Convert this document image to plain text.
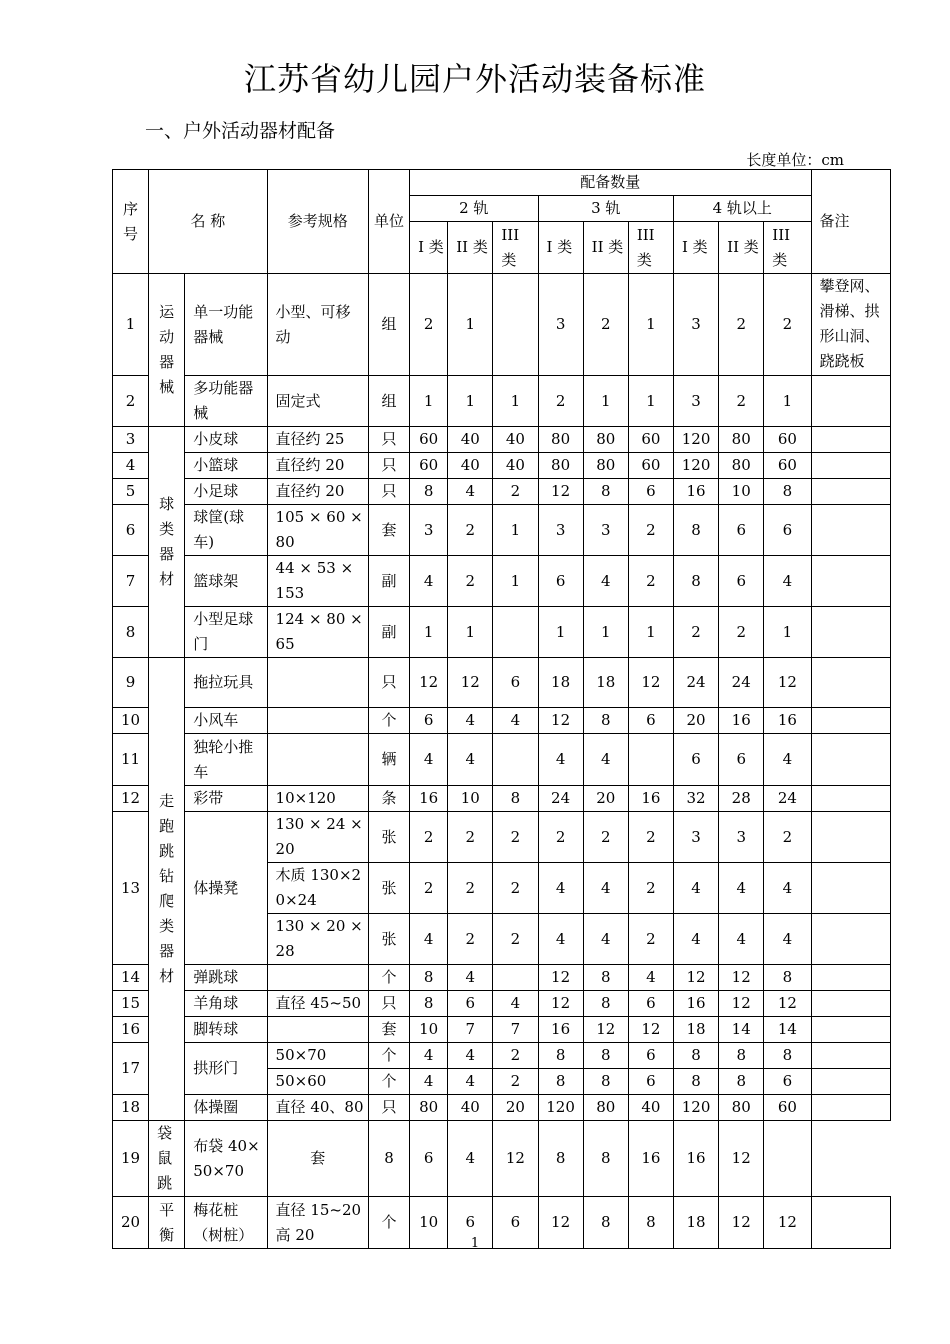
江苏省幼儿园户外活动装备标准
一、户外活动器材配备
长度单位：cm
序号	名 称		参考规格	单位	配备数量									备注
					2 轨			3 轨			4 轨以上			
					I 类	II 类	III 类	I 类	II 类	III 类	I 类	II 类	III 类	
1	运动器械	单一功能器械	小型、可移动	组	2	1		3	2	1	3	2	2	攀登网、滑梯、拱形山洞、跷跷板
2		多功能器械	固定式	组	1	1	1	2	1	1	3	2	1	
3	球类器材	小皮球	直径约 25	只	60	40	40	80	80	60	120	80	60	
4		小篮球	直径约 20	只	60	40	40	80	80	60	120	80	60	
5		小足球	直径约 20	只	8	4	2	12	8	6	16	10	8	
6		球筐(球车)	105 × 60 × 80	套	3	2	1	3	3	2	8	6	6	
7		篮球架	44 × 53 × 153	副	4	2	1	6	4	2	8	6	4	
8		小型足球门	124 × 80 × 65	副	1	1		1	1	1	2	2	1	
9	走跑跳钻爬类器材	拖拉玩具		只	12	12	6	18	18	12	24	24	12	
10		小风车		个	6	4	4	12	8	6	20	16	16	
11		独轮小推车		辆	4	4		4	4		6	6	4	
12		彩带	10×120	条	16	10	8	24	20	16	32	28	24	
13		体操凳	130 × 24 × 20	张	2	2	2	2	2	2	3	3	2	
			木质 130×20×24	张	2	2	2	4	4	2	4	4	4	
			130 × 20 × 28	张	4	2	2	4	4	2	4	4	4	
14		弹跳球		个	8	4		12	8	4	12	12	8	
15		羊角球	直径 45~50	只	8	6	4	12	8	6	16	12	12	
16		脚转球		套	10	7	7	16	12	12	18	14	14	
17		拱形门	50×70	个	4	4	2	8	8	6	8	8	8	
			50×60	个	4	4	2	8	8	6	8	8	6	
18		体操圈	直径 40、80	只	80	40	20	120	80	40	120	80	60	
19	袋鼠跳	布袋 40×50×70	套	8	6	4	12	8	8	16	16	12		
20	平衡	梅花桩（树桩）	直径 15~20 高 20	个	10	6	6	12	8	8	18	12	12	
1
